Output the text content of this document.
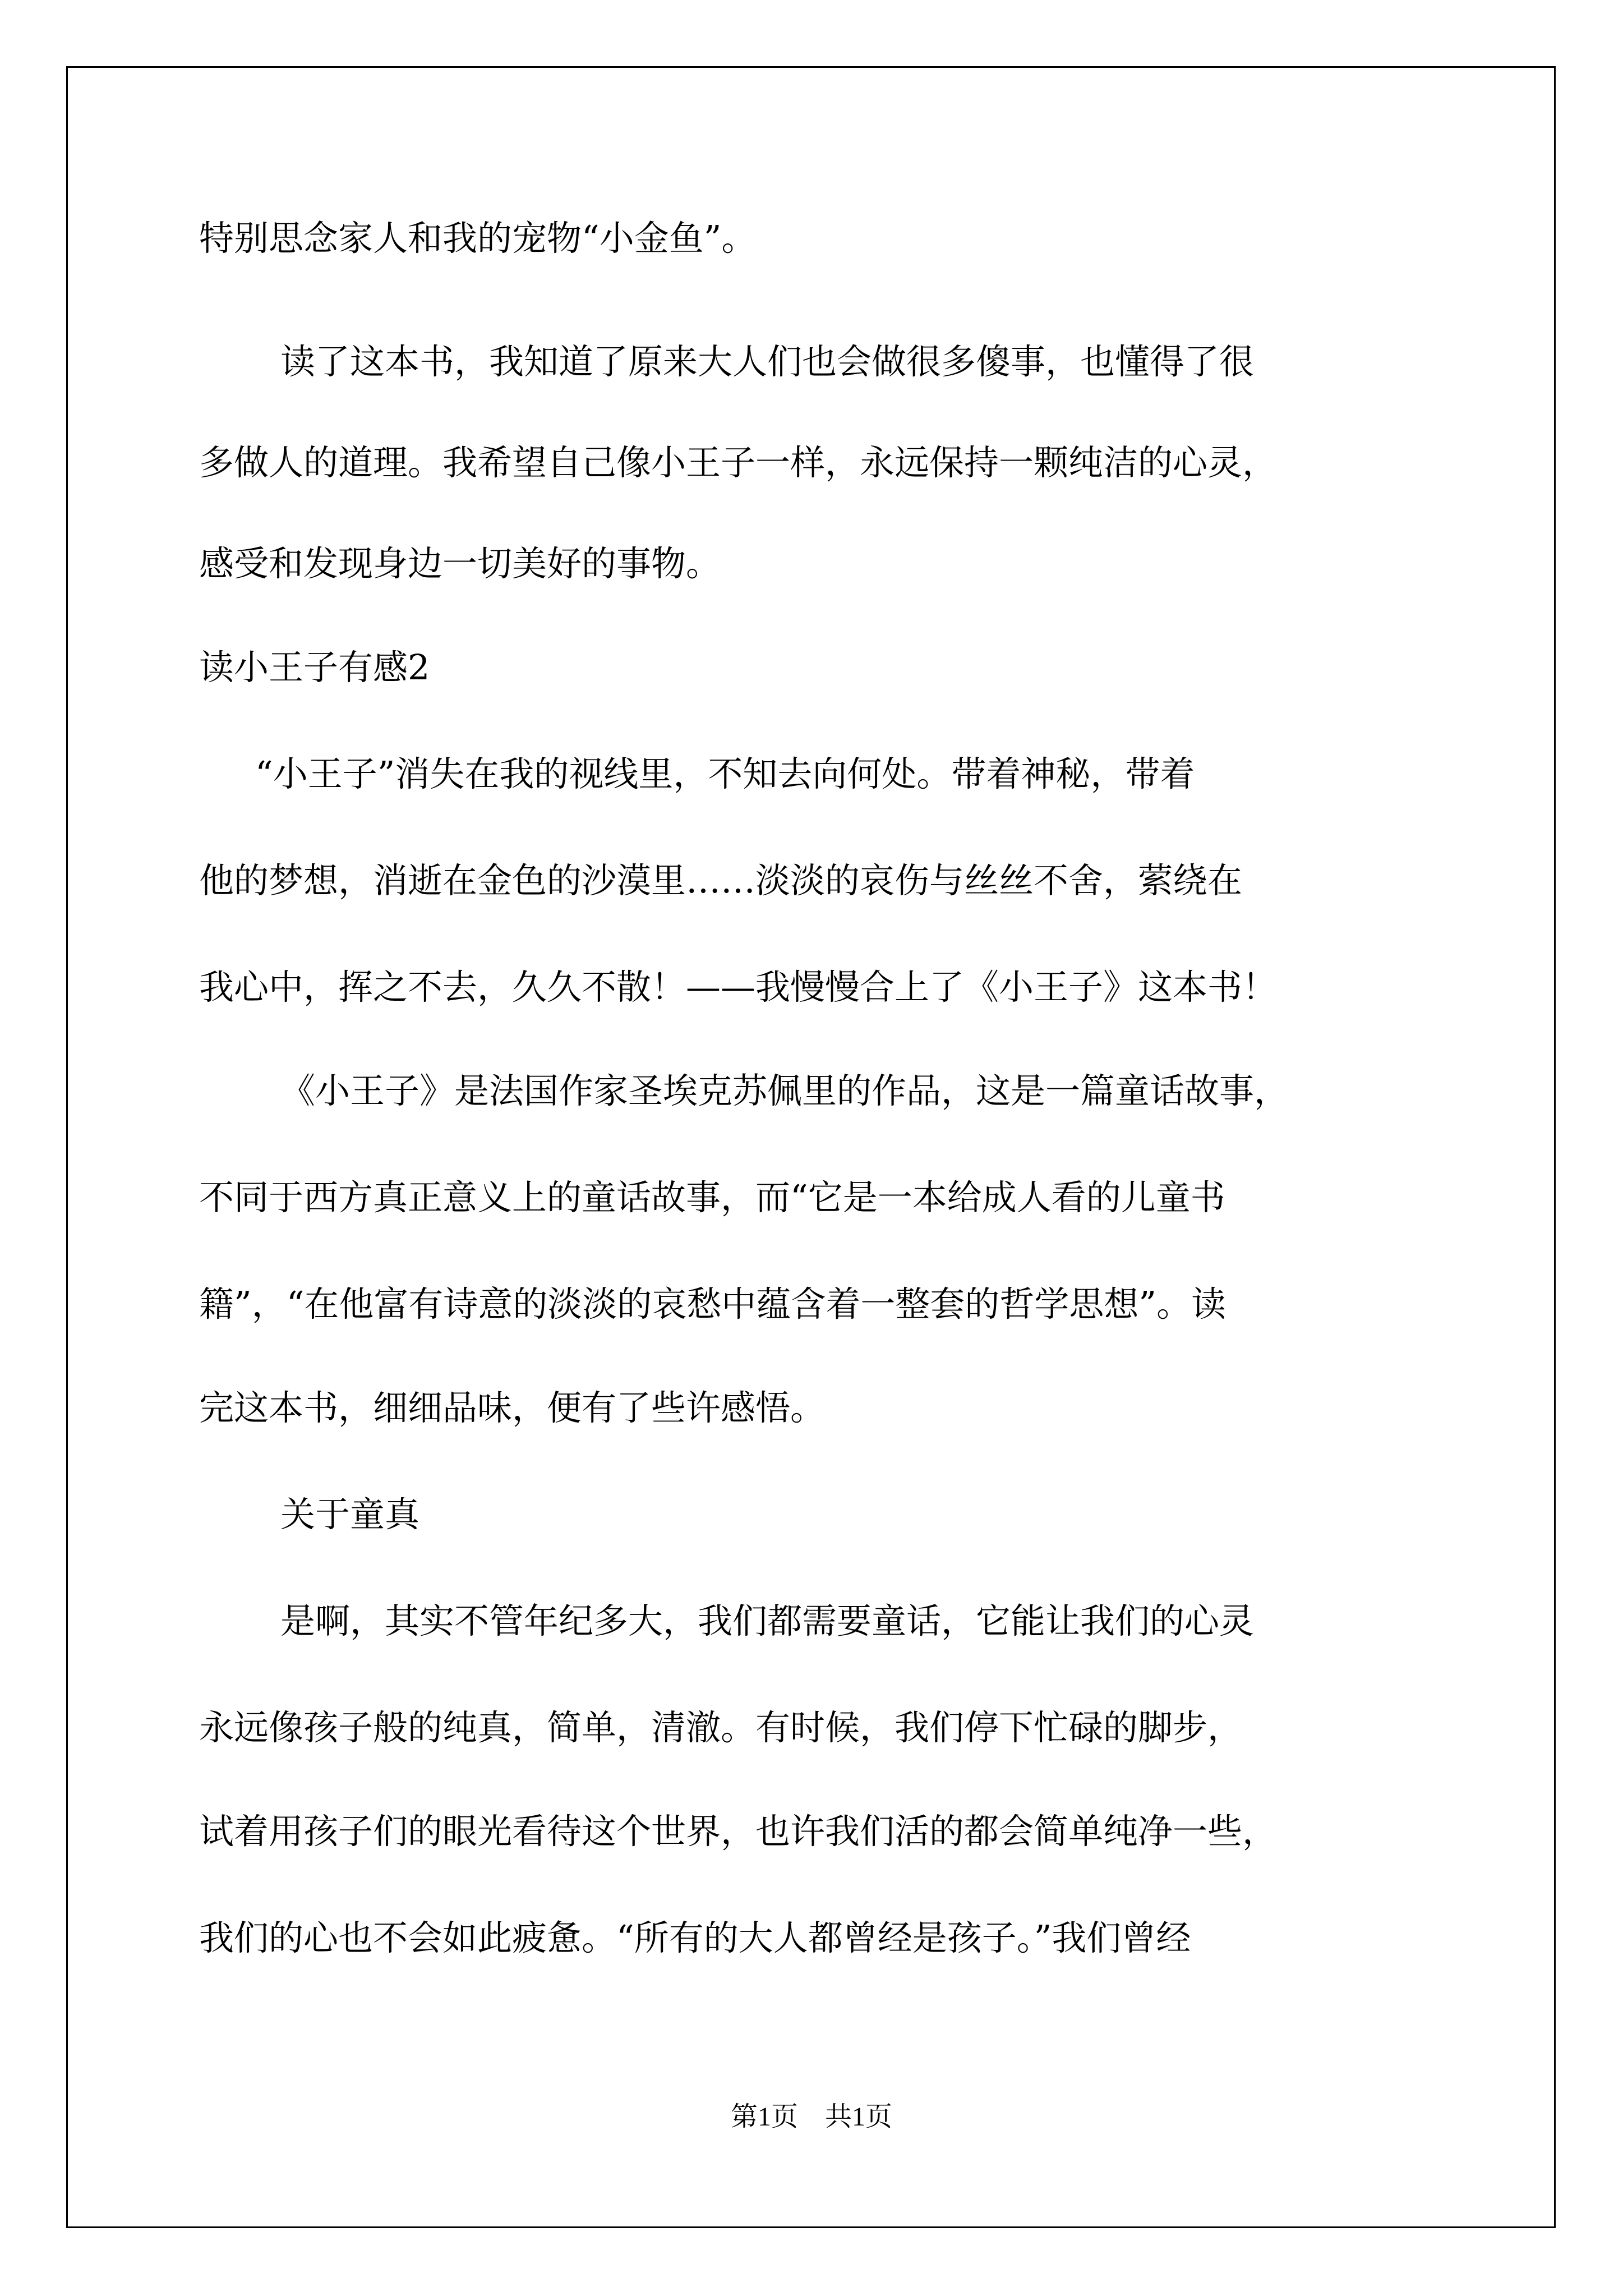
特别思念家人和我的宠物“小金鱼”。

读了这本书，我知道了原来大人们也会做很多傻事，也懂得了很

多做人的道理。我希望自己像小王子一样，永远保持一颗纯洁的心灵，

感受和发现身边一切美好的事物。

读小王子有感2

“小王子”消失在我的视线里，不知去向何处。带着神秘，带着

他的梦想，消逝在金色的沙漠里……淡淡的哀伤与丝丝不舍，萦绕在

我心中，挥之不去，久久不散！——我慢慢合上了《小王子》这本书！

《小王子》是法国作家圣埃克苏佩里的作品，这是一篇童话故事，

不同于西方真正意义上的童话故事，而“它是一本给成人看的儿童书

籍”，“在他富有诗意的淡淡的哀愁中蕴含着一整套的哲学思想”。读

完这本书，细细品味，便有了些许感悟。

关于童真

是啊，其实不管年纪多大，我们都需要童话，它能让我们的心灵

永远像孩子般的纯真，简单，清澈。有时候，我们停下忙碌的脚步，

试着用孩子们的眼光看待这个世界，也许我们活的都会简单纯净一些，

我们的心也不会如此疲惫。“所有的大人都曾经是孩子。”我们曾经

第1页　共1页
